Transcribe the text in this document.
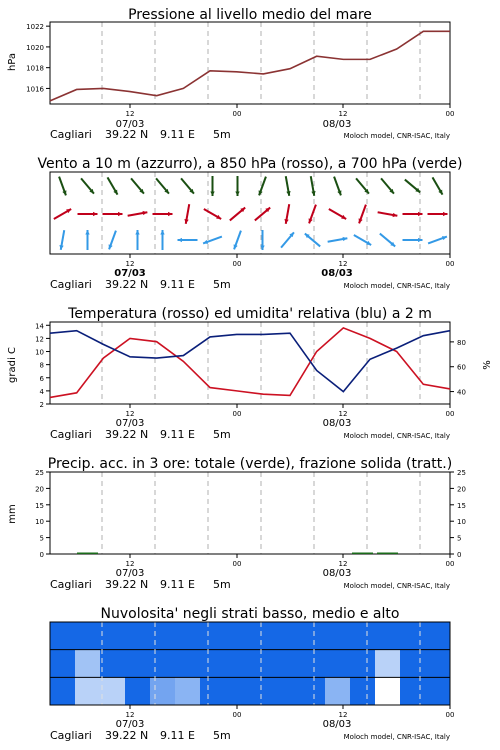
Pressione al livello medio del mare
hPa
12	00	12	00
1016
1018
1020
1022
07/03	08/03
Cagliari 39.22 N 9.11 E 5m	Moloch model, CNR-ISAC, Italy
Vento a 10 m (azzurro), a 850 hPa (rosso), a 700 hPa (verde)
12	00	12	00
07/03	08/03
Cagliari 39.22 N 9.11 E 5m	Moloch model, CNR-ISAC, Italy
Temperatura (rosso) ed umidita' relativa (blu) a 2 m
gradi C	%
12	00	12	00
2
4
6
8
10
12
14
40
60
80
07/03	08/03
Cagliari 39.22 N 9.11 E 5m	Moloch model, CNR-ISAC, Italy
Precip. acc. in 3 ore: totale (verde), frazione solida (tratt.)
mm
12	00	12	00
0
5
10
15
20
25
0
5
10
15
20
25
07/03	08/03
Cagliari 39.22 N 9.11 E 5m	Moloch model, CNR-ISAC, Italy
Nuvolosita' negli strati basso, medio e alto
12	00	12	00
07/03	08/03
Cagliari 39.22 N 9.11 E 5m	Moloch model, CNR-ISAC, Italy
